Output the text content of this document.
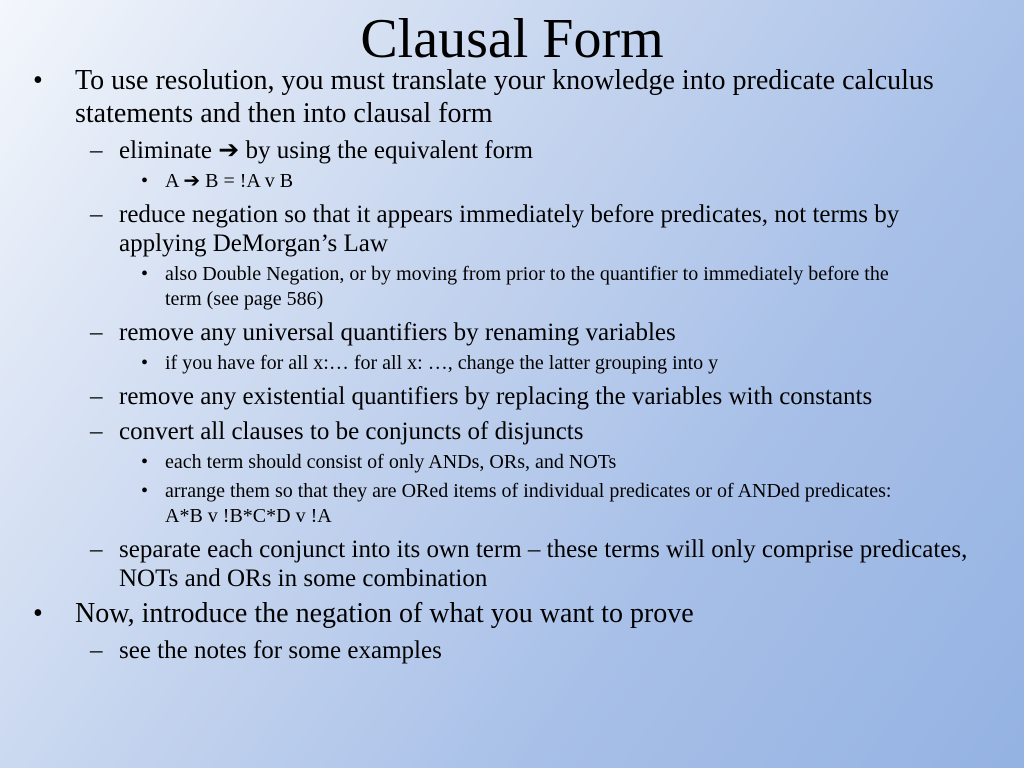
Clausal Form
• To use resolution, you must translate your knowledge into predicate calculus statements and then into clausal form
– eliminate ➔ by using the equivalent form
• A ➔ B = !A v B
– reduce negation so that it appears immediately before predicates, not terms by applying DeMorgan’s Law
• also Double Negation, or by moving from prior to the quantifier to immediately before the term (see page 586)
– remove any universal quantifiers by renaming variables
• if you have for all x:… for all x: …, change the latter grouping into y
– remove any existential quantifiers by replacing the variables with constants
– convert all clauses to be conjuncts of disjuncts
• each term should consist of only ANDs, ORs, and NOTs
• arrange them so that they are ORed items of individual predicates or of ANDed predicates: A*B v !B*C*D v !A
– separate each conjunct into its own term – these terms will only comprise predicates, NOTs and ORs in some combination
• Now, introduce the negation of what you want to prove
– see the notes for some examples
